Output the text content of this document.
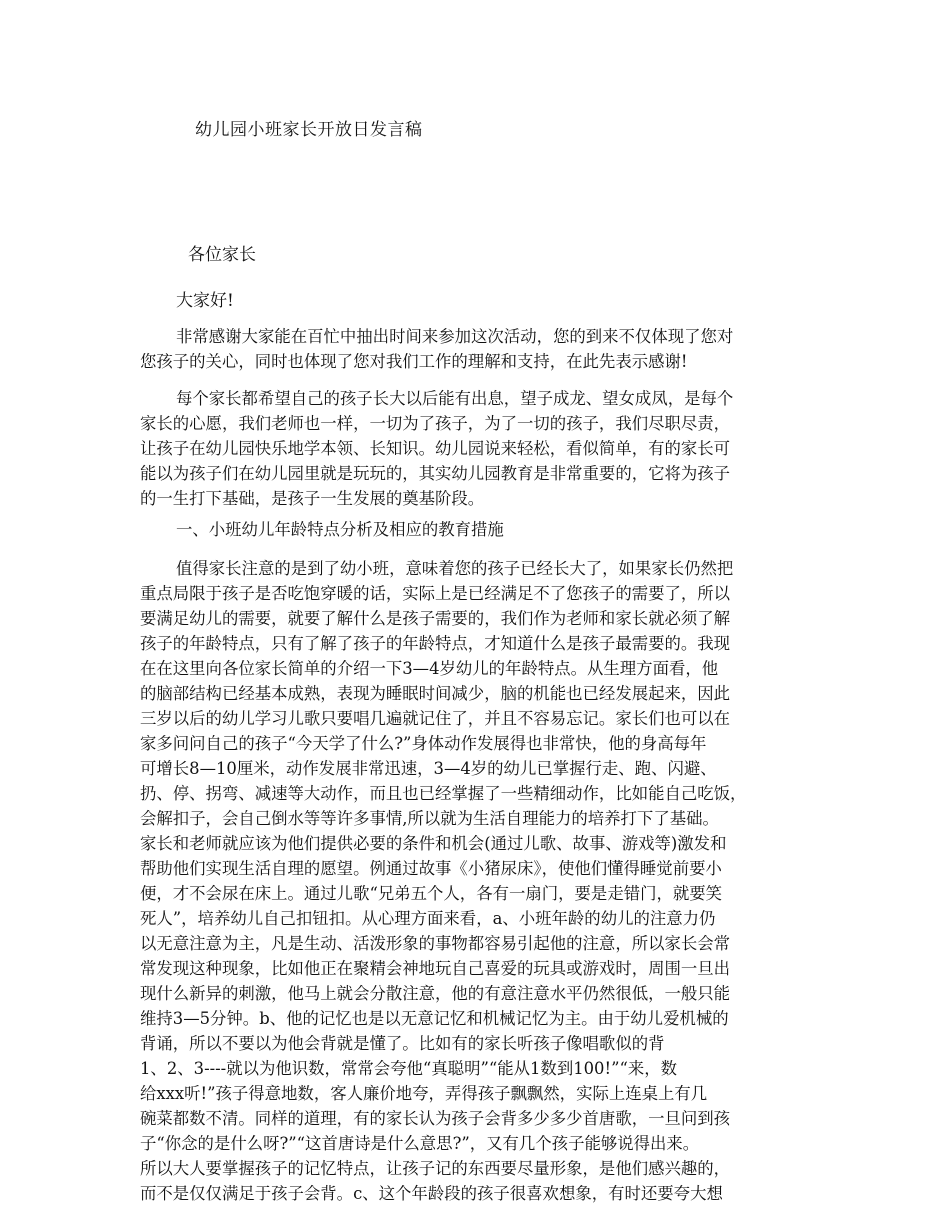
幼儿园小班家长开放日发言稿
各位家长
大家好!
非常感谢大家能在百忙中抽出时间来参加这次活动，您的到来不仅体现了您对
您孩子的关心，同时也体现了您对我们工作的理解和支持，在此先表示感谢!
每个家长都希望自己的孩子长大以后能有出息，望子成龙、望女成凤，是每个
家长的心愿，我们老师也一样，一切为了孩子，为了一切的孩子，我们尽职尽责，
让孩子在幼儿园快乐地学本领、长知识。幼儿园说来轻松，看似简单，有的家长可
能以为孩子们在幼儿园里就是玩玩的，其实幼儿园教育是非常重要的，它将为孩子
的一生打下基础，是孩子一生发展的奠基阶段。
一、小班幼儿年龄特点分析及相应的教育措施
值得家长注意的是到了幼小班，意味着您的孩子已经长大了，如果家长仍然把
重点局限于孩子是否吃饱穿暖的话，实际上是已经满足不了您孩子的需要了，所以
要满足幼儿的需要，就要了解什么是孩子需要的，我们作为老师和家长就必须了解
孩子的年龄特点，只有了解了孩子的年龄特点，才知道什么是孩子最需要的。我现
在在这里向各位家长简单的介绍一下3—4岁幼儿的年龄特点。从生理方面看，他
的脑部结构已经基本成熟，表现为睡眠时间减少，脑的机能也已经发展起来，因此
三岁以后的幼儿学习儿歌只要唱几遍就记住了，并且不容易忘记。家长们也可以在
家多问问自己的孩子“今天学了什么?”身体动作发展得也非常快，他的身高每年
可增长8—10厘米，动作发展非常迅速，3—4岁的幼儿已掌握行走、跑、闪避、
扔、停、拐弯、减速等大动作，而且也已经掌握了一些精细动作，比如能自己吃饭，
会解扣子，会自己倒水等等许多事情,所以就为生活自理能力的培养打下了基础。
家长和老师就应该为他们提供必要的条件和机会(通过儿歌、故事、游戏等)激发和
帮助他们实现生活自理的愿望。例通过故事《小猪尿床》，使他们懂得睡觉前要小
便，才不会尿在床上。通过儿歌“兄弟五个人，各有一扇门，要是走错门，就要笑
死人”，培养幼儿自己扣钮扣。从心理方面来看，a、小班年龄的幼儿的注意力仍
以无意注意为主，凡是生动、活泼形象的事物都容易引起他的注意，所以家长会常
常发现这种现象，比如他正在聚精会神地玩自己喜爱的玩具或游戏时，周围一旦出
现什么新异的刺激，他马上就会分散注意，他的有意注意水平仍然很低，一般只能
维持3—5分钟。b、他的记忆也是以无意记忆和机械记忆为主。由于幼儿爱机械的
背诵，所以不要以为他会背就是懂了。比如有的家长听孩子像唱歌似的背
1、2、3----就以为他识数，常常会夸他“真聪明”“能从1数到100!”“来，数
给xxx听!”孩子得意地数，客人廉价地夸，弄得孩子飘飘然，实际上连桌上有几
碗菜都数不清。同样的道理，有的家长认为孩子会背多少多少首唐歌，一旦问到孩
子“你念的是什么呀?”“这首唐诗是什么意思?”，又有几个孩子能够说得出来。
所以大人要掌握孩子的记忆特点，让孩子记的东西要尽量形象，是他们感兴趣的，
而不是仅仅满足于孩子会背。c、这个年龄段的孩子很喜欢想象，有时还要夸大想
